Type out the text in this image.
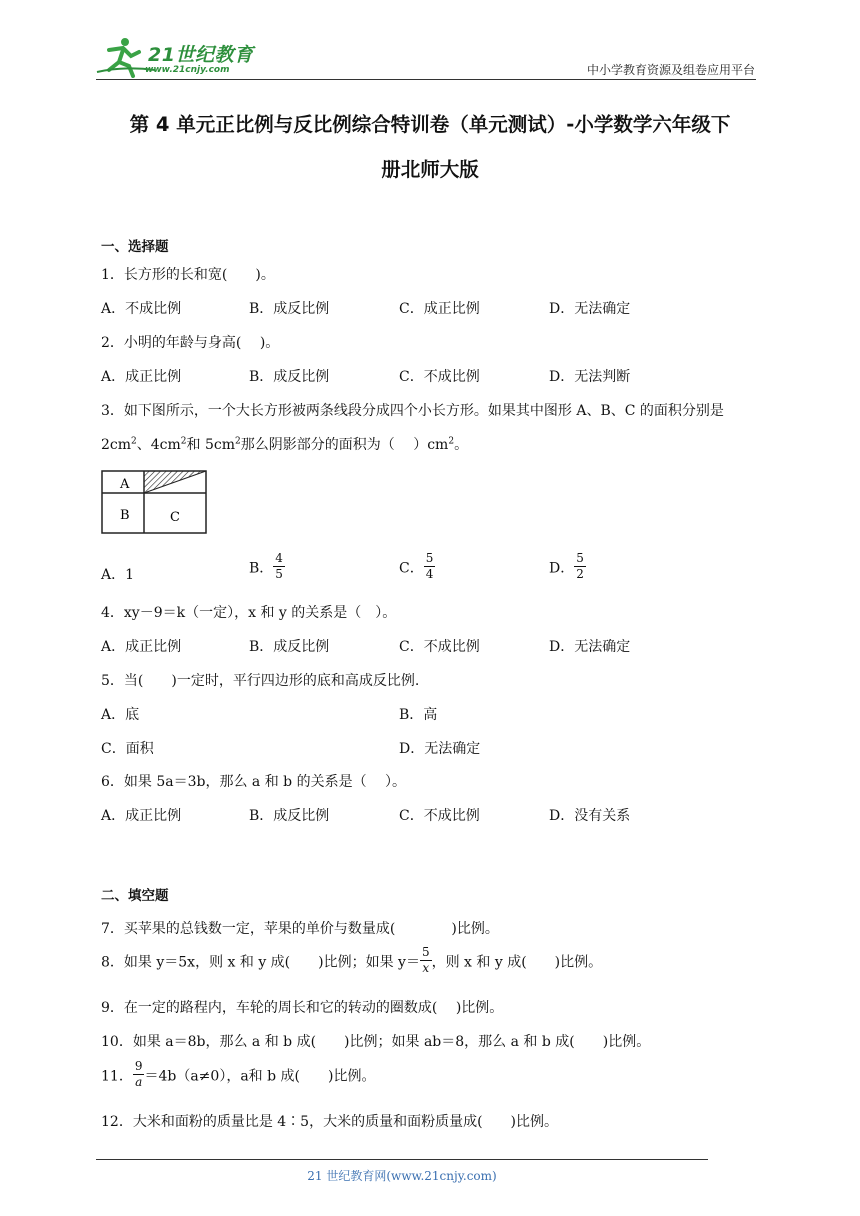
21世纪教育
www.21cnjy.com	中小学教育资源及组卷应用平台
第 4 单元正比例与反比例综合特训卷（单元测试）-小学数学六年级下
册北师大版
一、选择题
1．长方形的长和宽(　　)。
A．不成比例	B．成反比例	C．成正比例	D．无法确定
2．小明的年龄与身高(　 )。
A．成正比例	B．成反比例	C．不成比例	D．无法判断
3．如下图所示，一个大长方形被两条线段分成四个小长方形。如果其中图形 A、B、C 的面积分别是
$2cm^2$、$4cm^2$和 $5cm^2$那么阴影部分的面积为（　 ）$cm^2$。
A
B	C
A．1	B． $\frac{4}{5}$	C． $\frac{5}{4}$	D． $\frac{5}{2}$
4．xy－9＝k（一定），x 和 y 的关系是（　）。
A．成正比例	B．成反比例	C．不成比例	D．无法确定
5．当(　　)一定时，平行四边形的底和高成反比例.
A．底	B．高
C．面积	D．无法确定
6．如果 5a＝3b，那么 a 和 b 的关系是（　 ）。
A．成正比例	B．成反比例	C．不成比例	D．没有关系
二、填空题
7．买苹果的总钱数一定，苹果的单价与数量成(　　　　)比例。
8．如果 y＝5x，则 x 和 y 成(　　)比例；如果 $y= \frac{5}{x}$ ，则 x 和 y 成(　　)比例。
9．在一定的路程内，车轮的周长和它的转动的圈数成(　 )比例。
10．如果 a＝8b，那么 a 和 b 成(　　)比例；如果 ab＝8，那么 a 和 b 成(　　)比例。
11． $\frac{9}{a} =4b(a\ne 0)$，a和 b 成(　　)比例。
12．大米和面粉的质量比是 4∶5，大米的质量和面粉质量成(　　)比例。
21 世纪教育网(www.21cnjy.com)
